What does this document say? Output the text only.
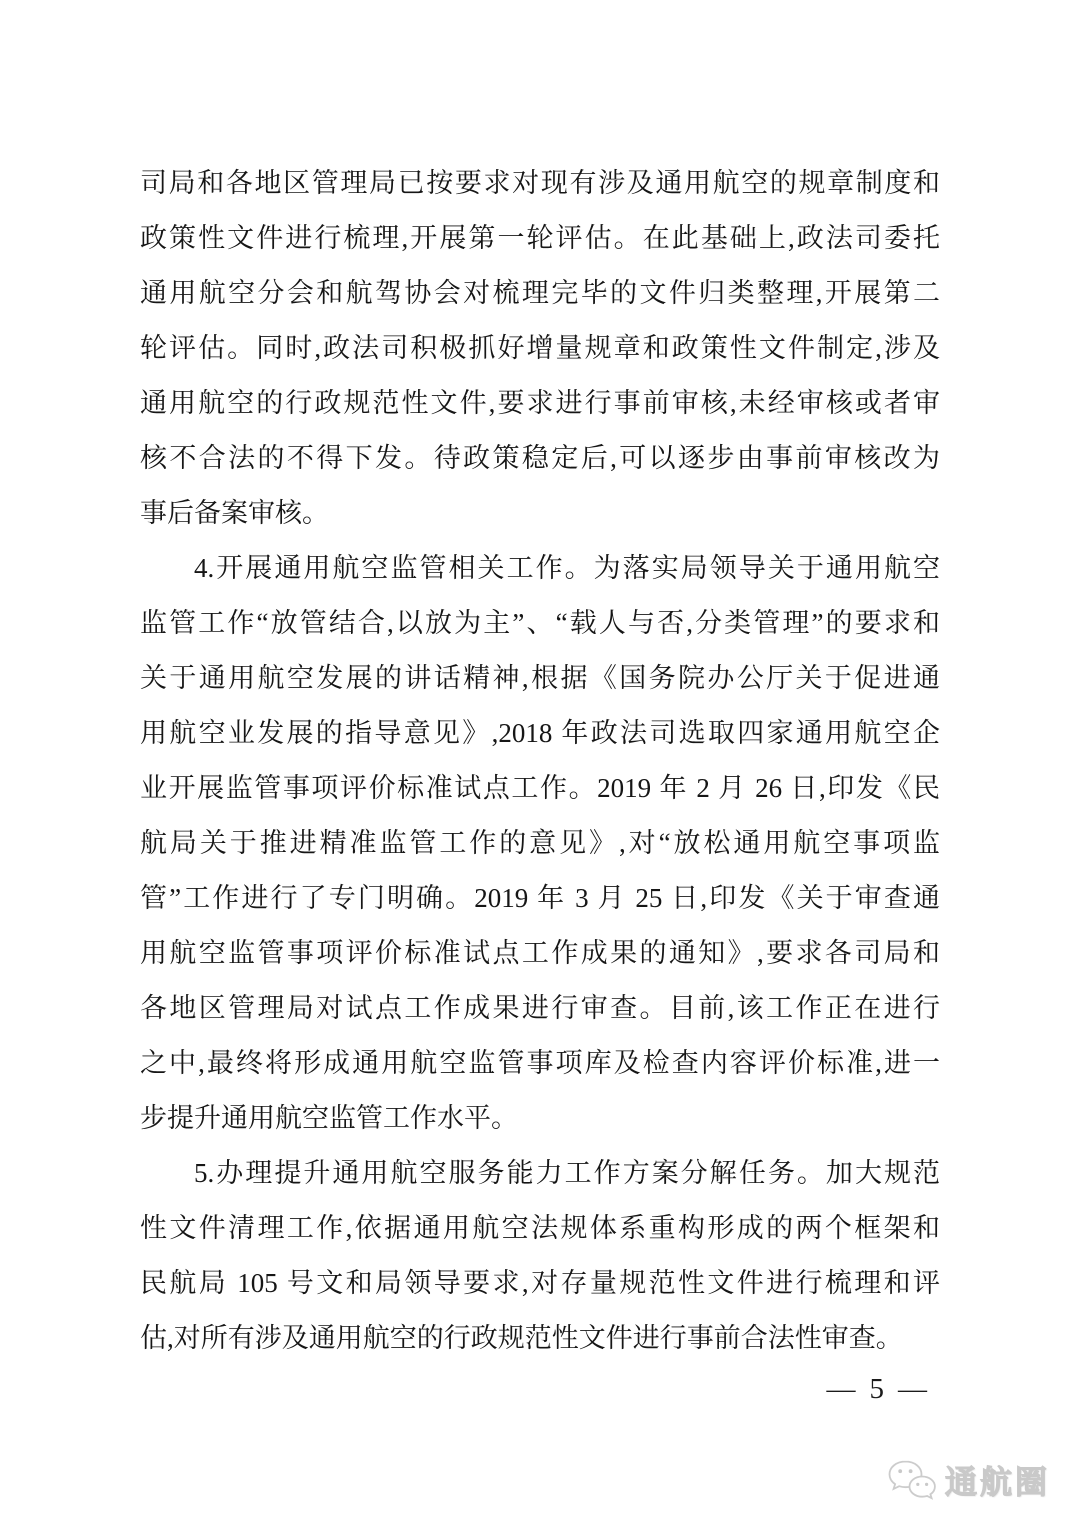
司局和各地区管理局已按要求对现有涉及通用航空的规章制度和
政策性文件进行梳理,开展第一轮评估。在此基础上,政法司委托
通用航空分会和航驾协会对梳理完毕的文件归类整理,开展第二
轮评估。同时,政法司积极抓好增量规章和政策性文件制定,涉及
通用航空的行政规范性文件,要求进行事前审核,未经审核或者审
核不合法的不得下发。待政策稳定后,可以逐步由事前审核改为
事后备案审核。
4.开展通用航空监管相关工作。为落实局领导关于通用航空
监管工作“放管结合,以放为主”、“载人与否,分类管理”的要求和
关于通用航空发展的讲话精神,根据《国务院办公厅关于促进通
用航空业发展的指导意见》,2018 年政法司选取四家通用航空企
业开展监管事项评价标准试点工作。2019 年 2 月 26 日,印发《民
航局关于推进精准监管工作的意见》,对“放松通用航空事项监
管”工作进行了专门明确。2019 年 3 月 25 日,印发《关于审查通
用航空监管事项评价标准试点工作成果的通知》,要求各司局和
各地区管理局对试点工作成果进行审查。目前,该工作正在进行
之中,最终将形成通用航空监管事项库及检查内容评价标准,进一
步提升通用航空监管工作水平。
5.办理提升通用航空服务能力工作方案分解任务。加大规范
性文件清理工作,依据通用航空法规体系重构形成的两个框架和
民航局 105 号文和局领导要求,对存量规范性文件进行梳理和评
估,对所有涉及通用航空的行政规范性文件进行事前合法性审查。
— 5 —
通航圈
